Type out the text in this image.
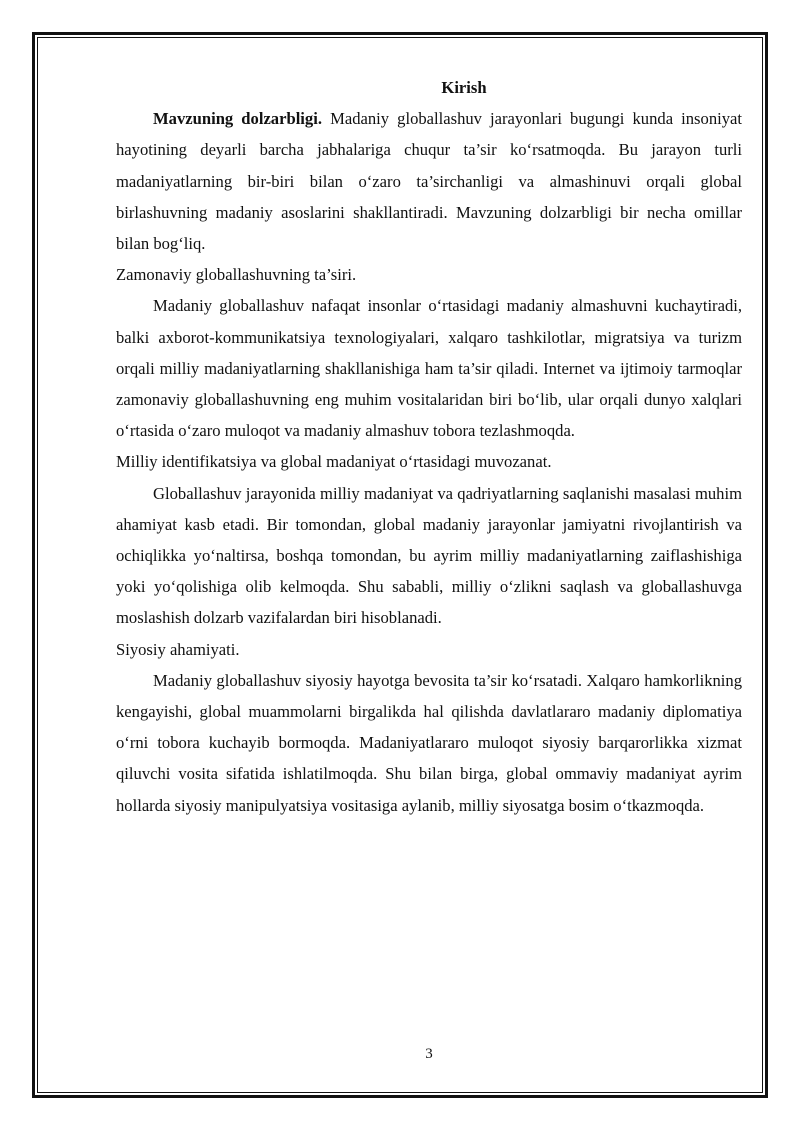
Kirish

Mavzuning dolzarbligi. Madaniy globallashuv jarayonlari bugungi kunda insoniyat hayotining deyarli barcha jabhalariga chuqur ta’sir ko‘rsatmoqda. Bu jarayon turli madaniyatlarning bir-biri bilan o‘zaro ta’sirchanligi va almashinuvi orqali global birlashuvning madaniy asoslarini shakllantiradi. Mavzuning dolzarbligi bir necha omillar bilan bog‘liq.

Zamonaviy globallashuvning ta’siri.

Madaniy globallashuv nafaqat insonlar o‘rtasidagi madaniy almashuvni kuchaytiradi, balki axborot-kommunikatsiya texnologiyalari, xalqaro tashkilotlar, migratsiya va turizm orqali milliy madaniyatlarning shakllanishiga ham ta’sir qiladi. Internet va ijtimoiy tarmoqlar zamonaviy globallashuvning eng muhim vositalaridan biri bo‘lib, ular orqali dunyo xalqlari o‘rtasida o‘zaro muloqot va madaniy almashuv tobora tezlashmoqda.

Milliy identifikatsiya va global madaniyat o‘rtasidagi muvozanat.

Globallashuv jarayonida milliy madaniyat va qadriyatlarning saqlanishi masalasi muhim ahamiyat kasb etadi. Bir tomondan, global madaniy jarayonlar jamiyatni rivojlantirish va ochiqlikka yo‘naltirsa, boshqa tomondan, bu ayrim milliy madaniyatlarning zaiflashishiga yoki yo‘qolishiga olib kelmoqda. Shu sababli, milliy o‘zlikni saqlash va globallashuvga moslashish dolzarb vazifalardan biri hisoblanadi.

Siyosiy ahamiyati.

Madaniy globallashuv siyosiy hayotga bevosita ta’sir ko‘rsatadi. Xalqaro hamkorlikning kengayishi, global muammolarni birgalikda hal qilishda davlatlararo madaniy diplomatiya o‘rni tobora kuchayib bormoqda. Madaniyatlararo muloqot siyosiy barqarorlikka xizmat qiluvchi vosita sifatida ishlatilmoqda. Shu bilan birga, global ommaviy madaniyat ayrim hollarda siyosiy manipulyatsiya vositasiga aylanib, milliy siyosatga bosim o‘tkazmoqda.

3
